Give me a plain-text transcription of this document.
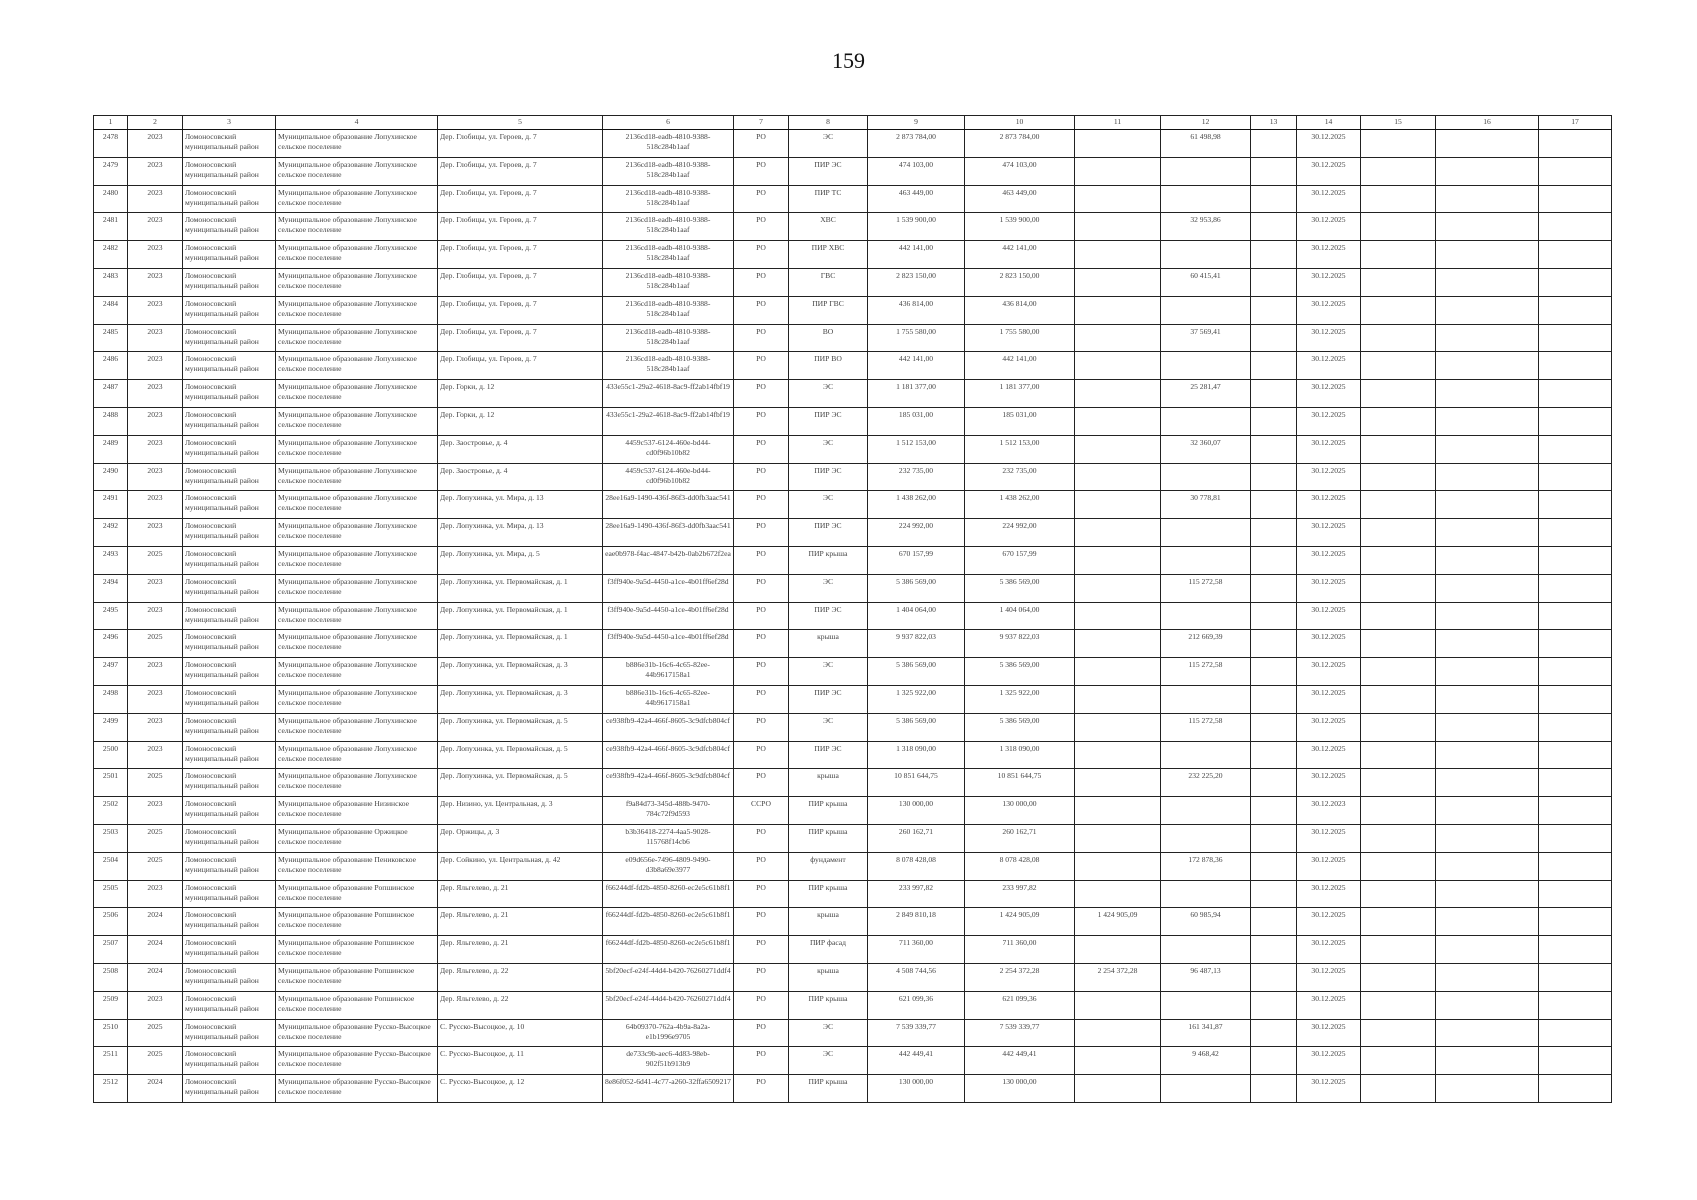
159
1	2	3	4	5	6	7	8	9	10	11	12	13	14	15	16	17
2478	2023	Ломоносовский муниципальный район	Муниципальное образование Лопухинское сельское поселение	Дер. Глобицы, ул. Героев, д. 7	2136cd18-eadb-4810-9388-518c284b1aaf	РО	ЭС	2 873 784,00	2 873 784,00		61 498,98		30.12.2025			
2479	2023	Ломоносовский муниципальный район	Муниципальное образование Лопухинское сельское поселение	Дер. Глобицы, ул. Героев, д. 7	2136cd18-eadb-4810-9388-518c284b1aaf	РО	ПИР ЭС	474 103,00	474 103,00				30.12.2025			
2480	2023	Ломоносовский муниципальный район	Муниципальное образование Лопухинское сельское поселение	Дер. Глобицы, ул. Героев, д. 7	2136cd18-eadb-4810-9388-518c284b1aaf	РО	ПИР ТС	463 449,00	463 449,00				30.12.2025			
2481	2023	Ломоносовский муниципальный район	Муниципальное образование Лопухинское сельское поселение	Дер. Глобицы, ул. Героев, д. 7	2136cd18-eadb-4810-9388-518c284b1aaf	РО	ХВС	1 539 900,00	1 539 900,00		32 953,86		30.12.2025			
2482	2023	Ломоносовский муниципальный район	Муниципальное образование Лопухинское сельское поселение	Дер. Глобицы, ул. Героев, д. 7	2136cd18-eadb-4810-9388-518c284b1aaf	РО	ПИР ХВС	442 141,00	442 141,00				30.12.2025			
2483	2023	Ломоносовский муниципальный район	Муниципальное образование Лопухинское сельское поселение	Дер. Глобицы, ул. Героев, д. 7	2136cd18-eadb-4810-9388-518c284b1aaf	РО	ГВС	2 823 150,00	2 823 150,00		60 415,41		30.12.2025			
2484	2023	Ломоносовский муниципальный район	Муниципальное образование Лопухинское сельское поселение	Дер. Глобицы, ул. Героев, д. 7	2136cd18-eadb-4810-9388-518c284b1aaf	РО	ПИР ГВС	436 814,00	436 814,00				30.12.2025			
2485	2023	Ломоносовский муниципальный район	Муниципальное образование Лопухинское сельское поселение	Дер. Глобицы, ул. Героев, д. 7	2136cd18-eadb-4810-9388-518c284b1aaf	РО	ВО	1 755 580,00	1 755 580,00		37 569,41		30.12.2025			
2486	2023	Ломоносовский муниципальный район	Муниципальное образование Лопухинское сельское поселение	Дер. Глобицы, ул. Героев, д. 7	2136cd18-eadb-4810-9388-518c284b1aaf	РО	ПИР ВО	442 141,00	442 141,00				30.12.2025			
2487	2023	Ломоносовский муниципальный район	Муниципальное образование Лопухинское сельское поселение	Дер. Горки, д. 12	433e55c1-29a2-4618-8ac9-ff2ab14fbf19	РО	ЭС	1 181 377,00	1 181 377,00		25 281,47		30.12.2025			
2488	2023	Ломоносовский муниципальный район	Муниципальное образование Лопухинское сельское поселение	Дер. Горки, д. 12	433e55c1-29a2-4618-8ac9-ff2ab14fbf19	РО	ПИР ЭС	185 031,00	185 031,00				30.12.2025			
2489	2023	Ломоносовский муниципальный район	Муниципальное образование Лопухинское сельское поселение	Дер. Заостровье, д. 4	4459c537-6124-460e-bd44-cd0f96b10b82	РО	ЭС	1 512 153,00	1 512 153,00		32 360,07		30.12.2025			
2490	2023	Ломоносовский муниципальный район	Муниципальное образование Лопухинское сельское поселение	Дер. Заостровье, д. 4	4459c537-6124-460e-bd44-cd0f96b10b82	РО	ПИР ЭС	232 735,00	232 735,00				30.12.2025			
2491	2023	Ломоносовский муниципальный район	Муниципальное образование Лопухинское сельское поселение	Дер. Лопухинка, ул. Мира, д. 13	28ee16a9-1490-436f-86f3-dd0fb3aac541	РО	ЭС	1 438 262,00	1 438 262,00		30 778,81		30.12.2025			
2492	2023	Ломоносовский муниципальный район	Муниципальное образование Лопухинское сельское поселение	Дер. Лопухинка, ул. Мира, д. 13	28ee16a9-1490-436f-86f3-dd0fb3aac541	РО	ПИР ЭС	224 992,00	224 992,00				30.12.2025			
2493	2025	Ломоносовский муниципальный район	Муниципальное образование Лопухинское сельское поселение	Дер. Лопухинка, ул. Мира, д. 5	eae0b978-f4ac-4847-b42b-0ab2b672f2ea	РО	ПИР крыша	670 157,99	670 157,99				30.12.2025			
2494	2023	Ломоносовский муниципальный район	Муниципальное образование Лопухинское сельское поселение	Дер. Лопухинка, ул. Первомайская, д. 1	f3ff940e-9a5d-4450-a1ce-4b01ff6ef28d	РО	ЭС	5 386 569,00	5 386 569,00		115 272,58		30.12.2025			
2495	2023	Ломоносовский муниципальный район	Муниципальное образование Лопухинское сельское поселение	Дер. Лопухинка, ул. Первомайская, д. 1	f3ff940e-9a5d-4450-a1ce-4b01ff6ef28d	РО	ПИР ЭС	1 404 064,00	1 404 064,00				30.12.2025			
2496	2025	Ломоносовский муниципальный район	Муниципальное образование Лопухинское сельское поселение	Дер. Лопухинка, ул. Первомайская, д. 1	f3ff940e-9a5d-4450-a1ce-4b01ff6ef28d	РО	крыша	9 937 822,03	9 937 822,03		212 669,39		30.12.2025			
2497	2023	Ломоносовский муниципальный район	Муниципальное образование Лопухинское сельское поселение	Дер. Лопухинка, ул. Первомайская, д. 3	b886e31b-16c6-4c65-82ee-44b9617158a1	РО	ЭС	5 386 569,00	5 386 569,00		115 272,58		30.12.2025			
2498	2023	Ломоносовский муниципальный район	Муниципальное образование Лопухинское сельское поселение	Дер. Лопухинка, ул. Первомайская, д. 3	b886e31b-16c6-4c65-82ee-44b9617158a1	РО	ПИР ЭС	1 325 922,00	1 325 922,00				30.12.2025			
2499	2023	Ломоносовский муниципальный район	Муниципальное образование Лопухинское сельское поселение	Дер. Лопухинка, ул. Первомайская, д. 5	ce938fb9-42a4-466f-8605-3c9dfcb804cf	РО	ЭС	5 386 569,00	5 386 569,00		115 272,58		30.12.2025			
2500	2023	Ломоносовский муниципальный район	Муниципальное образование Лопухинское сельское поселение	Дер. Лопухинка, ул. Первомайская, д. 5	ce938fb9-42a4-466f-8605-3c9dfcb804cf	РО	ПИР ЭС	1 318 090,00	1 318 090,00				30.12.2025			
2501	2025	Ломоносовский муниципальный район	Муниципальное образование Лопухинское сельское поселение	Дер. Лопухинка, ул. Первомайская, д. 5	ce938fb9-42a4-466f-8605-3c9dfcb804cf	РО	крыша	10 851 644,75	10 851 644,75		232 225,20		30.12.2025			
2502	2023	Ломоносовский муниципальный район	Муниципальное образование Низинское сельское поселение	Дер. Низино, ул. Центральная, д. 3	f9a84d73-345d-488b-9470-784c72f9d593	ССРО	ПИР крыша	130 000,00	130 000,00				30.12.2023			
2503	2025	Ломоносовский муниципальный район	Муниципальное образование Оржицкое сельское поселение	Дер. Оржицы, д. 3	b3b36418-2274-4aa5-9028-115768f14cb6	РО	ПИР крыша	260 162,71	260 162,71				30.12.2025			
2504	2025	Ломоносовский муниципальный район	Муниципальное образование Пениковское сельское поселение	Дер. Сойкино, ул. Центральная, д. 42	e09d656e-7496-4809-9490-d3b8a69e3977	РО	фундамент	8 078 428,08	8 078 428,08		172 878,36		30.12.2025			
2505	2023	Ломоносовский муниципальный район	Муниципальное образование Ропшинское сельское поселение	Дер. Яльгелево, д. 21	f66244df-fd2b-4850-8260-ec2e5c61b8f1	РО	ПИР крыша	233 997,82	233 997,82				30.12.2025			
2506	2024	Ломоносовский муниципальный район	Муниципальное образование Ропшинское сельское поселение	Дер. Яльгелево, д. 21	f66244df-fd2b-4850-8260-ec2e5c61b8f1	РО	крыша	2 849 810,18	1 424 905,09	1 424 905,09	60 985,94		30.12.2025			
2507	2024	Ломоносовский муниципальный район	Муниципальное образование Ропшинское сельское поселение	Дер. Яльгелево, д. 21	f66244df-fd2b-4850-8260-ec2e5c61b8f1	РО	ПИР фасад	711 360,00	711 360,00				30.12.2025			
2508	2024	Ломоносовский муниципальный район	Муниципальное образование Ропшинское сельское поселение	Дер. Яльгелево, д. 22	5bf20ecf-e24f-44d4-b420-76260271ddf4	РО	крыша	4 508 744,56	2 254 372,28	2 254 372,28	96 487,13		30.12.2025			
2509	2023	Ломоносовский муниципальный район	Муниципальное образование Ропшинское сельское поселение	Дер. Яльгелево, д. 22	5bf20ecf-e24f-44d4-b420-76260271ddf4	РО	ПИР крыша	621 099,36	621 099,36				30.12.2025			
2510	2025	Ломоносовский муниципальный район	Муниципальное образование Русско-Высоцкое сельское поселение	С. Русско-Высоцкое, д. 10	64b09370-762a-4b9a-8a2a-e1b1996e9705	РО	ЭС	7 539 339,77	7 539 339,77		161 341,87		30.12.2025			
2511	2025	Ломоносовский муниципальный район	Муниципальное образование Русско-Высоцкое сельское поселение	С. Русско-Высоцкое, д. 11	de733c9b-aec6-4d83-98eb-902f51b913b9	РО	ЭС	442 449,41	442 449,41		9 468,42		30.12.2025			
2512	2024	Ломоносовский муниципальный район	Муниципальное образование Русско-Высоцкое сельское поселение	С. Русско-Высоцкое, д. 12	8e86f052-6d41-4c77-a260-32ffa6509217	РО	ПИР крыша	130 000,00	130 000,00				30.12.2025			
